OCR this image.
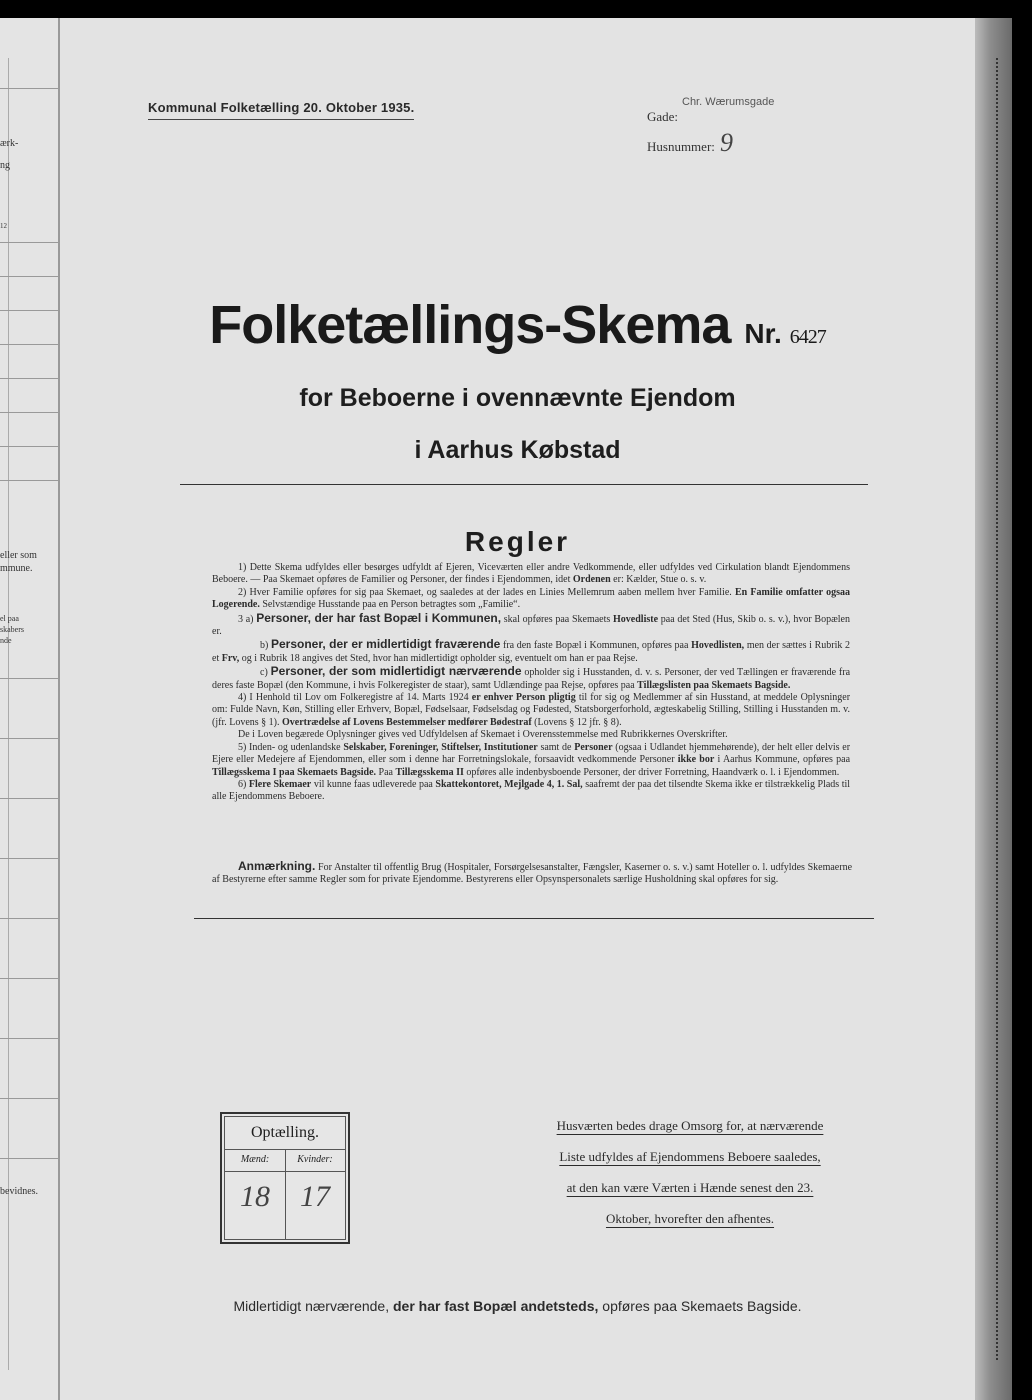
ærk-
ng
12
eller som
mmune.
el paa
skabers
nde
bevidnes.
Kommunal Folketælling 20. Oktober 1935.	Chr. Wærumsgade
Gade:
Husnummer: 9
Folketællings-Skema Nr. 6427
for Beboerne i ovennævnte Ejendom
i Aarhus Købstad
Regler

1) Dette Skema udfyldes eller besørges udfyldt af Ejeren, Viceværten eller andre Vedkommende, eller udfyldes ved Cirkulation blandt Ejendommens Beboere. — Paa Skemaet opføres de Familier og Personer, der findes i Ejendommen, idet Ordenen er: Kælder, Stue o. s. v.

2) Hver Familie opføres for sig paa Skemaet, og saaledes at der lades en Linies Mellemrum aaben mellem hver Familie. En Familie omfatter ogsaa Logerende. Selvstændige Husstande paa en Person betragtes som „Familie“.

3 a) Personer, der har fast Bopæl i Kommunen, skal opføres paa Skemaets Hovedliste paa det Sted (Hus, Skib o. s. v.), hvor Bopælen er.

b) Personer, der er midlertidigt fraværende fra den faste Bopæl i Kommunen, opføres paa Hovedlisten, men der sættes i Rubrik 2 et Frv, og i Rubrik 18 angives det Sted, hvor han midlertidigt opholder sig, eventuelt om han er paa Rejse.

c) Personer, der som midlertidigt nærværende opholder sig i Husstanden, d. v. s. Personer, der ved Tællingen er fraværende fra deres faste Bopæl (den Kommune, i hvis Folkeregister de staar), samt Udlændinge paa Rejse, opføres paa Tillægslisten paa Skemaets Bagside.

4) I Henhold til Lov om Folkeregistre af 14. Marts 1924 er enhver Person pligtig til for sig og Medlemmer af sin Husstand, at meddele Oplysninger om: Fulde Navn, Køn, Stilling eller Erhverv, Bopæl, Fødselsaar, Fødselsdag og Fødested, Statsborgerforhold, ægteskabelig Stilling, Stilling i Husstanden m. v. (jfr. Lovens § 1). Overtrædelse af Lovens Bestemmelser medfører Bødestraf (Lovens § 12 jfr. § 8).

De i Loven begærede Oplysninger gives ved Udfyldelsen af Skemaet i Overensstemmelse med Rubrikkernes Overskrifter.

5) Inden- og udenlandske Selskaber, Foreninger, Stiftelser, Institutioner samt de Personer (ogsaa i Udlandet hjemmehørende), der helt eller delvis er Ejere eller Medejere af Ejendommen, eller som i denne har Forretningslokale, forsaavidt vedkommende Personer ikke bor i Aarhus Kommune, opføres paa Tillægsskema I paa Skemaets Bagside. Paa Tillægsskema II opføres alle indenbysboende Personer, der driver Forretning, Haandværk o. l. i Ejendommen.

6) Flere Skemaer vil kunne faas udleverede paa Skattekontoret, Mejlgade 4, 1. Sal, saafremt der paa det tilsendte Skema ikke er tilstrækkelig Plads til alle Ejendommens Beboere.

Anmærkning. For Anstalter til offentlig Brug (Hospitaler, Forsørgelsesanstalter, Fængsler, Kaserner o. s. v.) samt Hoteller o. l. udfyldes Skemaerne af Bestyrerne efter samme Regler som for private Ejendomme. Bestyrerens eller Opsynspersonalets særlige Husholdning skal opføres for sig.

Optælling.
Mænd:
18
Kvinder:
17
Husværten bedes drage Omsorg for, at nærværende
Liste udfyldes af Ejendommens Beboere saaledes,
at den kan være Værten i Hænde senest den 23.
Oktober, hvorefter den afhentes.
Midlertidigt nærværende, der har fast Bopæl andetsteds, opføres paa Skemaets Bagside.
